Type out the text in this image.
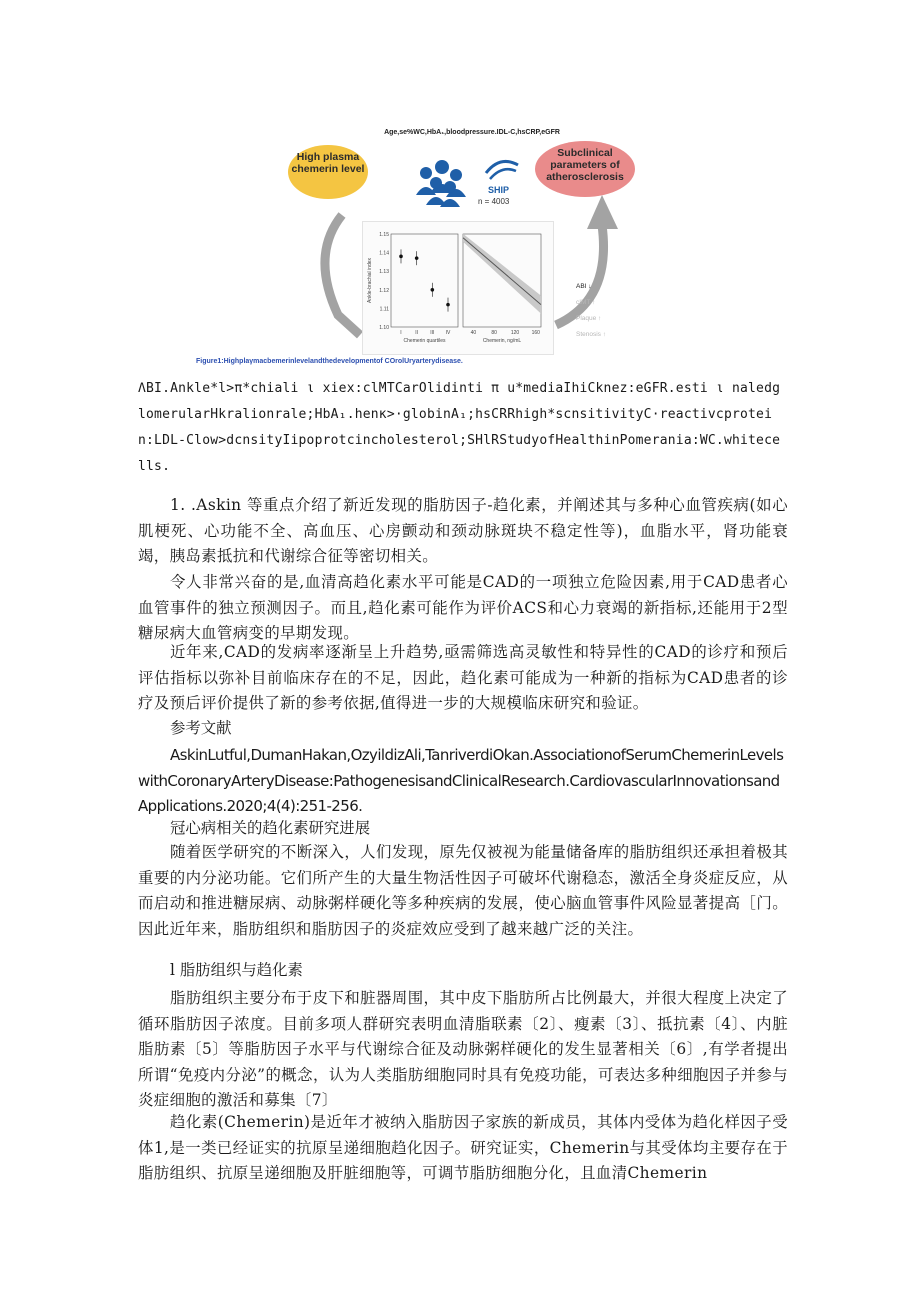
Age,se%WC,HbA₁,bloodpressure.IDL-C,hsCRP,eGFR
High plasma chemerin level
Subclinical parameters of atherosclerosis
SHIP
n = 4003
1.15
1.14
1.13
1.12
1.11
1.10
Ankle-brachial index
I	II III IV
Chemerin quartiles
40	80	120 160
Chemerin, ng/mL
ABI ↓
cIMT ↑
Plaque ↑
Stenosis ↑
Figure1:Highplaγmacbemerinlevelandthedevelopmentof COrolUryarterydisease.
ΛBI.Ankle*l>π*chiali ι xiex:clMTCarOlidinti π u*mediaIhiCknez:eGFR.esti ι naledglomerularHkralionrale;HbA₁.henκ>·globinA₁;hsCRRhigh*scnsitivityC·reactivcprotein:LDL-Clow>dcnsityIipoprotcincholesterol;SHlRStudyofHealthinPomerania:WC.whitecells.
1. .Askin 等重点介绍了新近发现的脂肪因子-趋化素，并阐述其与多种心血管疾病(如心肌梗死、心功能不全、高血压、心房颤动和颈动脉斑块不稳定性等)，血脂水平，肾功能衰竭，胰岛素抵抗和代谢综合征等密切相关。
令人非常兴奋的是,血清高趋化素水平可能是CAD的一项独立危险因素,用于CAD患者心血管事件的独立预测因子。而且,趋化素可能作为评价ACS和心力衰竭的新指标,还能用于2型糖尿病大血管病变的早期发现。
近年来,CAD的发病率逐渐呈上升趋势,亟需筛选高灵敏性和特异性的CAD的诊疗和预后评估指标以弥补目前临床存在的不足，因此，趋化素可能成为一种新的指标为CAD患者的诊疗及预后评价提供了新的参考依据,值得进一步的大规模临床研究和验证。
参考文献
AskinLutful,DumanHakan,OzyildizAli,TanriverdiOkan.AssociationofSerumChemerinLevelswithCoronaryArteryDisease:PathogenesisandClinicalResearch.CardiovascularInnovationsandApplications.2020;4(4):251-256.
冠心病相关的趋化素研究进展
随着医学研究的不断深入，人们发现，原先仅被视为能量储备库的脂肪组织还承担着极其重要的内分泌功能。它们所产生的大量生物活性因子可破坏代谢稳态，激活全身炎症反应，从而启动和推进糖尿病、动脉粥样硬化等多种疾病的发展，使心脑血管事件风险显著提高［门。因此近年来，脂肪组织和脂肪因子的炎症效应受到了越来越广泛的关注。
l 脂肪组织与趋化素
脂肪组织主要分布于皮下和脏器周围，其中皮下脂肪所占比例最大，并很大程度上决定了循环脂肪因子浓度。目前多项人群研究表明血清脂联素〔2〕、瘦素〔3〕、抵抗素〔4〕、内脏脂肪素〔5〕等脂肪因子水平与代谢综合征及动脉粥样硬化的发生显著相关〔6〕,有学者提出所谓“免疫内分泌”的概念，认为人类脂肪细胞同时具有免疫功能，可表达多种细胞因子并参与炎症细胞的激活和募集〔7〕
趋化素(Chemerin)是近年才被纳入脂肪因子家族的新成员，其体内受体为趋化样因子受体1,是一类已经证实的抗原呈递细胞趋化因子。研究证实，Chemerin与其受体均主要存在于脂肪组织、抗原呈递细胞及肝脏细胞等，可调节脂肪细胞分化，且血清Chemerin
